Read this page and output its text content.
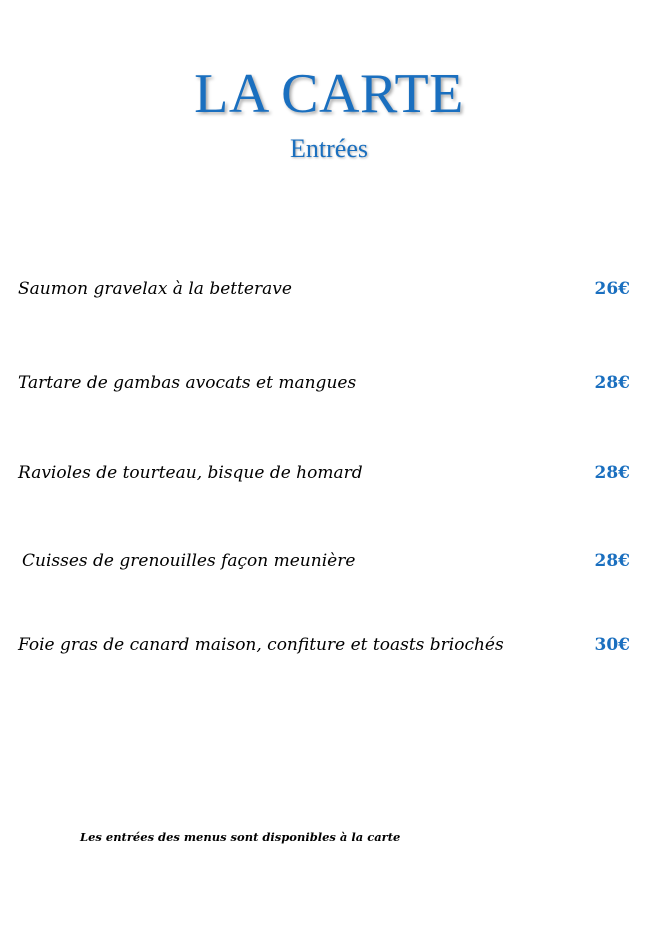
LA CARTE
Entrées
Saumon gravelax à la betterave	26€
Tartare de gambas avocats et mangues	28€
Ravioles de tourteau, bisque de homard	28€
Cuisses de grenouilles façon meunière	28€
Foie gras de canard maison, confiture et toasts briochés	30€
Les entrées des menus sont disponibles à la carte
